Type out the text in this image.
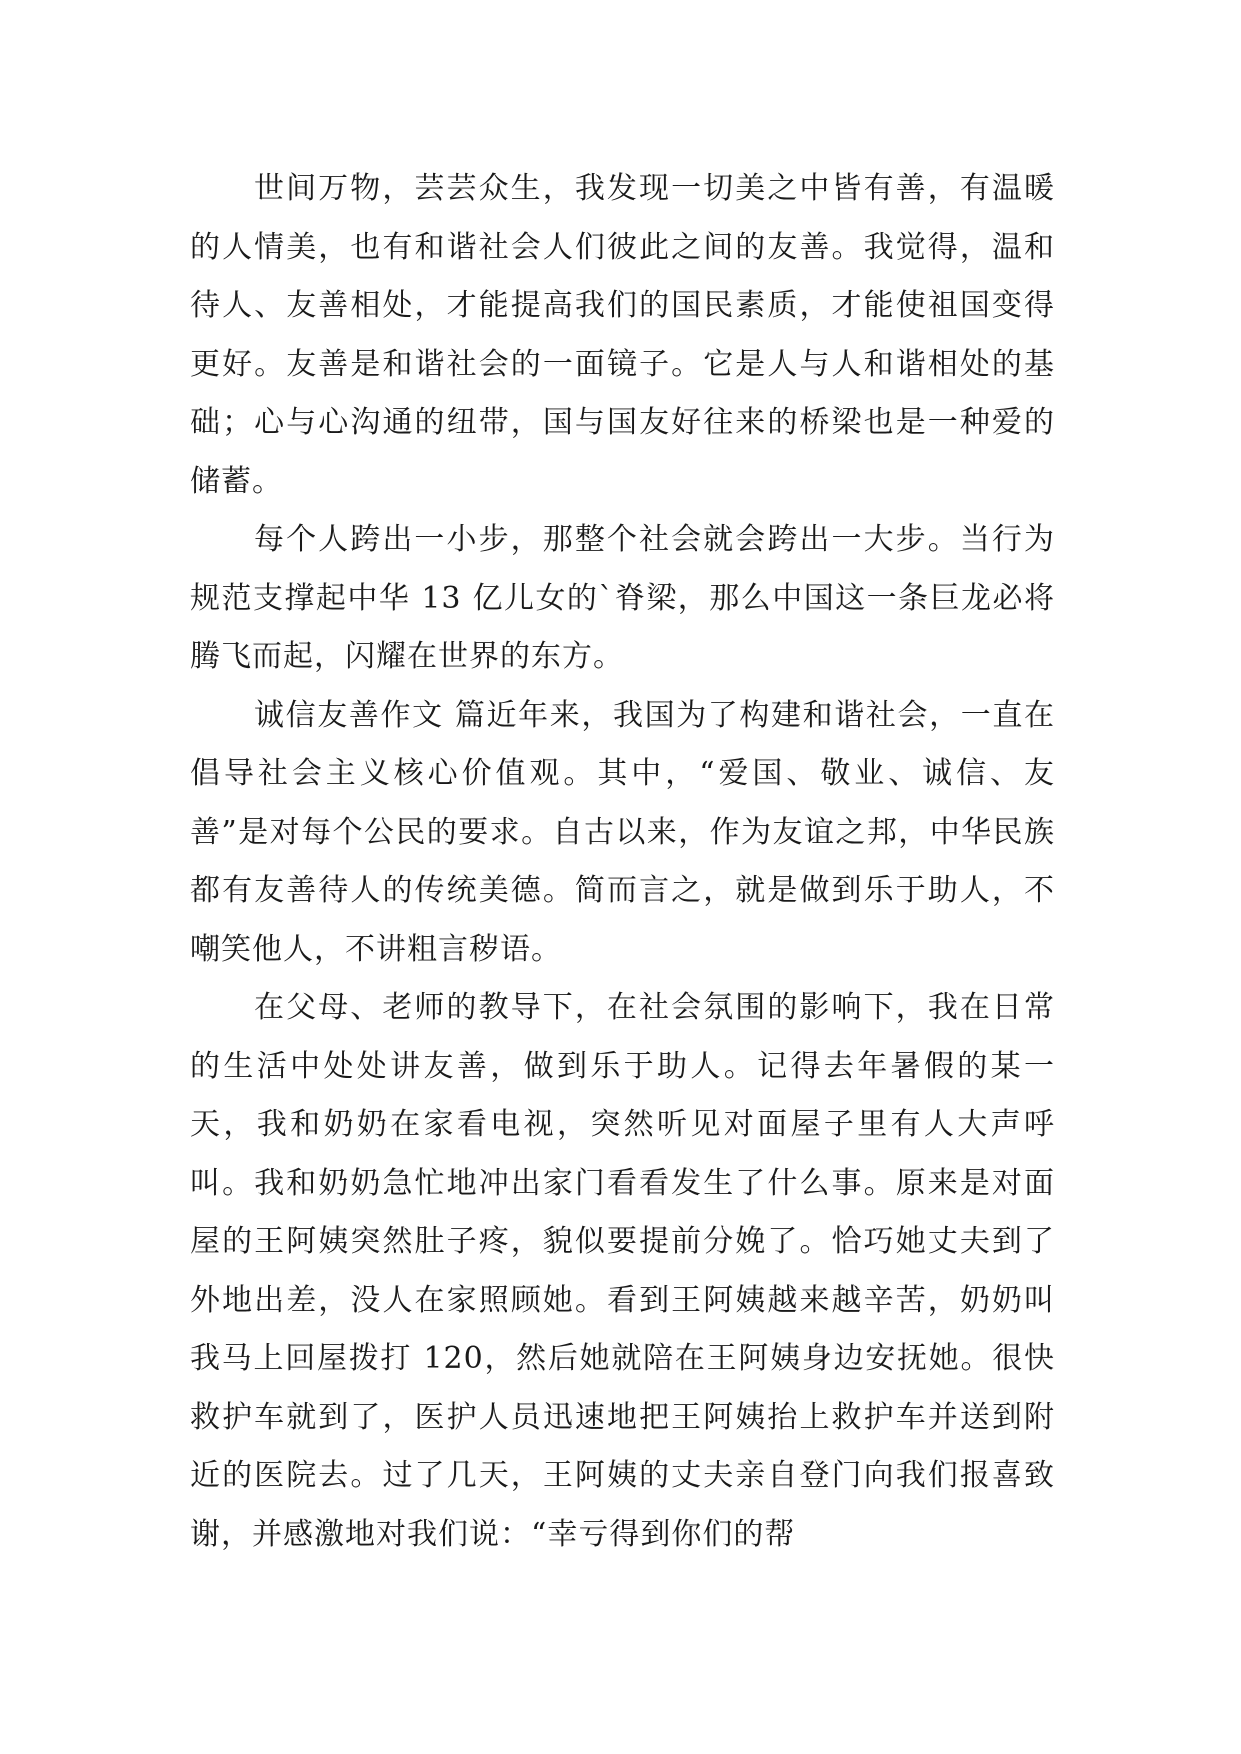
世间万物，芸芸众生，我发现一切美之中皆有善，有温暖的人情美，也有和谐社会人们彼此之间的友善。我觉得，温和待人、友善相处，才能提高我们的国民素质，才能使祖国变得更好。友善是和谐社会的一面镜子。它是人与人和谐相处的基础；心与心沟通的纽带，国与国友好往来的桥梁也是一种爱的储蓄。

每个人跨出一小步，那整个社会就会跨出一大步。当行为规范支撑起中华 13 亿儿女的`脊梁，那么中国这一条巨龙必将腾飞而起，闪耀在世界的东方。

诚信友善作文 篇近年来，我国为了构建和谐社会，一直在倡导社会主义核心价值观。其中，“爱国、敬业、诚信、友善”是对每个公民的要求。自古以来，作为友谊之邦，中华民族都有友善待人的传统美德。简而言之，就是做到乐于助人，不嘲笑他人，不讲粗言秽语。

在父母、老师的教导下，在社会氛围的影响下，我在日常的生活中处处讲友善，做到乐于助人。记得去年暑假的某一天，我和奶奶在家看电视，突然听见对面屋子里有人大声呼叫。我和奶奶急忙地冲出家门看看发生了什么事。原来是对面屋的王阿姨突然肚子疼，貌似要提前分娩了。恰巧她丈夫到了外地出差，没人在家照顾她。看到王阿姨越来越辛苦，奶奶叫我马上回屋拨打 120，然后她就陪在王阿姨身边安抚她。很快救护车就到了，医护人员迅速地把王阿姨抬上救护车并送到附近的医院去。过了几天，王阿姨的丈夫亲自登门向我们报喜致谢，并感激地对我们说：“幸亏得到你们的帮
